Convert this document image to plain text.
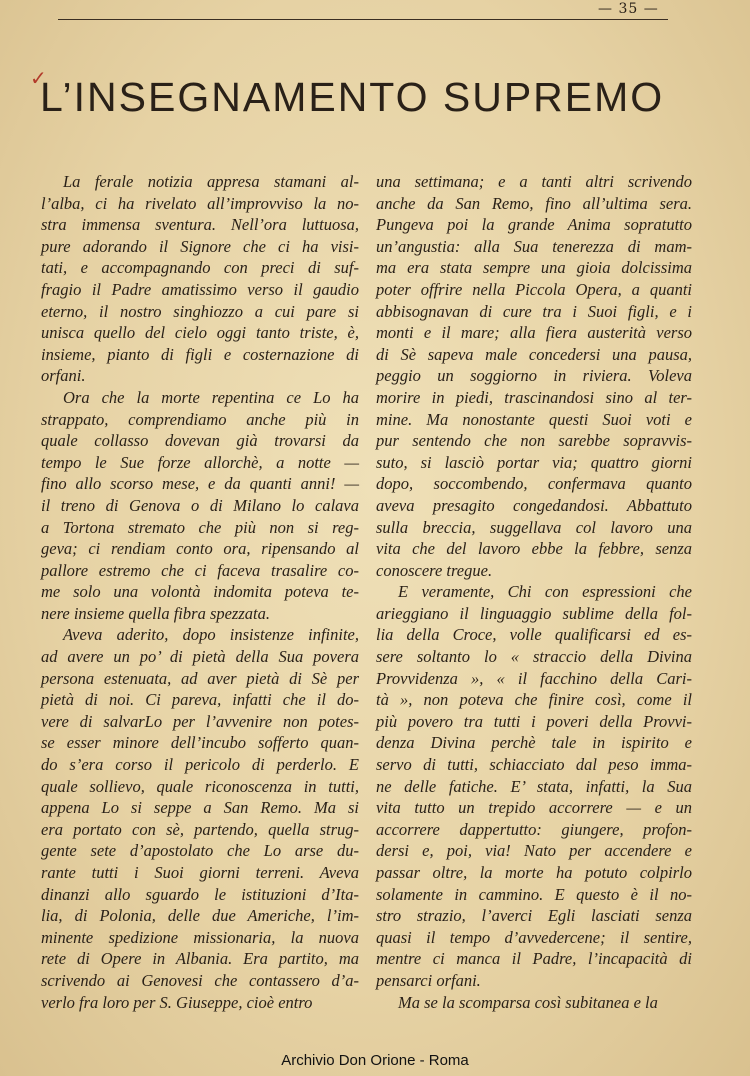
— 35 —
✓
L’INSEGNAMENTO SUPREMO

La ferale notizia appresa stamani al-
l’alba, ci ha rivelato all’improvviso la no-
stra immensa sventura. Nell’ora luttuosa,
pure adorando il Signore che ci ha visi-
tati, e accompagnando con preci di suf-
fragio il Padre amatissimo verso il gaudio
eterno, il nostro singhiozzo a cui pare si
unisca quello del cielo oggi tanto triste, è,
insieme, pianto di figli e costernazione di
orfani.

Ora che la morte repentina ce Lo ha
strappato, comprendiamo anche più in
quale collasso dovevan già trovarsi da
tempo le Sue forze allorchè, a notte —
fino allo scorso mese, e da quanti anni! —
il treno di Genova o di Milano lo calava
a Tortona stremato che più non si reg-
geva; ci rendiam conto ora, ripensando al
pallore estremo che ci faceva trasalire co-
me solo una volontà indomita poteva te-
nere insieme quella fibra spezzata.

Aveva aderito, dopo insistenze infinite,
ad avere un po’ di pietà della Sua povera
persona estenuata, ad aver pietà di Sè per
pietà di noi. Ci pareva, infatti che il do-
vere di salvarLo per l’avvenire non potes-
se esser minore dell’incubo sofferto quan-
do s’era corso il pericolo di perderlo. E
quale sollievo, quale riconoscenza in tutti,
appena Lo si seppe a San Remo. Ma si
era portato con sè, partendo, quella strug-
gente sete d’apostolato che Lo arse du-
rante tutti i Suoi giorni terreni. Aveva
dinanzi allo sguardo le istituzioni d’Ita-
lia, di Polonia, delle due Americhe, l’im-
minente spedizione missionaria, la nuova
rete di Opere in Albania. Era partito, ma
scrivendo ai Genovesi che contassero d’a-
verlo fra loro per S. Giuseppe, cioè entro

una settimana; e a tanti altri scrivendo
anche da San Remo, fino all’ultima sera.
Pungeva poi la grande Anima sopratutto
un’angustia: alla Sua tenerezza di mam-
ma era stata sempre una gioia dolcissima
poter offrire nella Piccola Opera, a quanti
abbisognavan di cure tra i Suoi figli, e i
monti e il mare; alla fiera austerità verso
di Sè sapeva male concedersi una pausa,
peggio un soggiorno in riviera. Voleva
morire in piedi, trascinandosi sino al ter-
mine. Ma nonostante questi Suoi voti e
pur sentendo che non sarebbe sopravvis-
suto, si lasciò portar via; quattro giorni
dopo, soccombendo, confermava quanto
aveva presagito congedandosi. Abbattuto
sulla breccia, suggellava col lavoro una
vita che del lavoro ebbe la febbre, senza
conoscere tregue.

E veramente, Chi con espressioni che
arieggiano il linguaggio sublime della fol-
lia della Croce, volle qualificarsi ed es-
sere soltanto lo « straccio della Divina
Provvidenza », « il facchino della Cari-
tà », non poteva che finire così, come il
più povero tra tutti i poveri della Provvi-
denza Divina perchè tale in ispirito e
servo di tutti, schiacciato dal peso imma-
ne delle fatiche. E’ stata, infatti, la Sua
vita tutto un trepido accorrere — e un
accorrere dappertutto: giungere, profon-
dersi e, poi, via! Nato per accendere e
passar oltre, la morte ha potuto colpirlo
solamente in cammino. E questo è il no-
stro strazio, l’averci Egli lasciati senza
quasi il tempo d’avvedercene; il sentire,
mentre ci manca il Padre, l’incapacità di
pensarci orfani.

Ma se la scomparsa così subitanea e la

Archivio Don Orione - Roma
